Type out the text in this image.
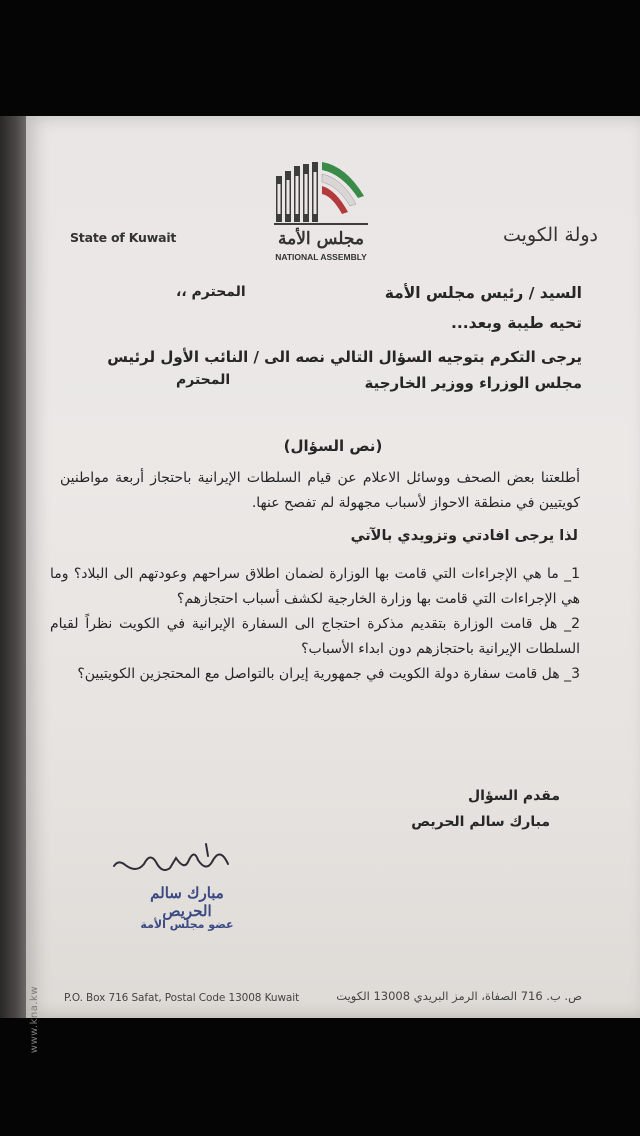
www.kna.kw
مجلس الأمة
NATIONAL ASSEMBLY
State of Kuwait	دولة الكويت
السيد / رئيس مجلس الأمة
المحترم ،،
تحيه طيبة وبعد...
يرجى التكرم بتوجيه السؤال التالي نصه الى / النائب الأول لرئيس
مجلس الوزراء ووزير الخارجية
المحترم
(نص السؤال)
أطلعتنا بعض الصحف ووسائل الاعلام عن قيام السلطات الإيرانية باحتجاز أربعة مواطنين كويتيين في منطقة الاحواز لأسباب مجهولة لم تفصح عنها.
لذا يرجى افادتي وتزويدي بالآتي
1_ ما هي الإجراءات التي قامت بها الوزارة لضمان اطلاق سراحهم وعودتهم الى البلاد؟ وما هي الإجراءات التي قامت بها وزارة الخارجية لكشف أسباب احتجازهم؟
2_ هل قامت الوزارة بتقديم مذكرة احتجاج الى السفارة الإيرانية في الكويت نظراً لقيام السلطات الإيرانية باحتجازهم دون ابداء الأسباب؟
3_ هل قامت سفارة دولة الكويت في جمهورية إيران بالتواصل مع المحتجزين الكويتيين؟
مقدم السؤال
مبارك سالم الحريص
مبارك سالم الحريص
عضو مجلس الأمة
P.O. Box 716 Safat, Postal Code 13008 Kuwait	ص. ب. 716 الصفاة، الرمز البريدي 13008 الكويت
